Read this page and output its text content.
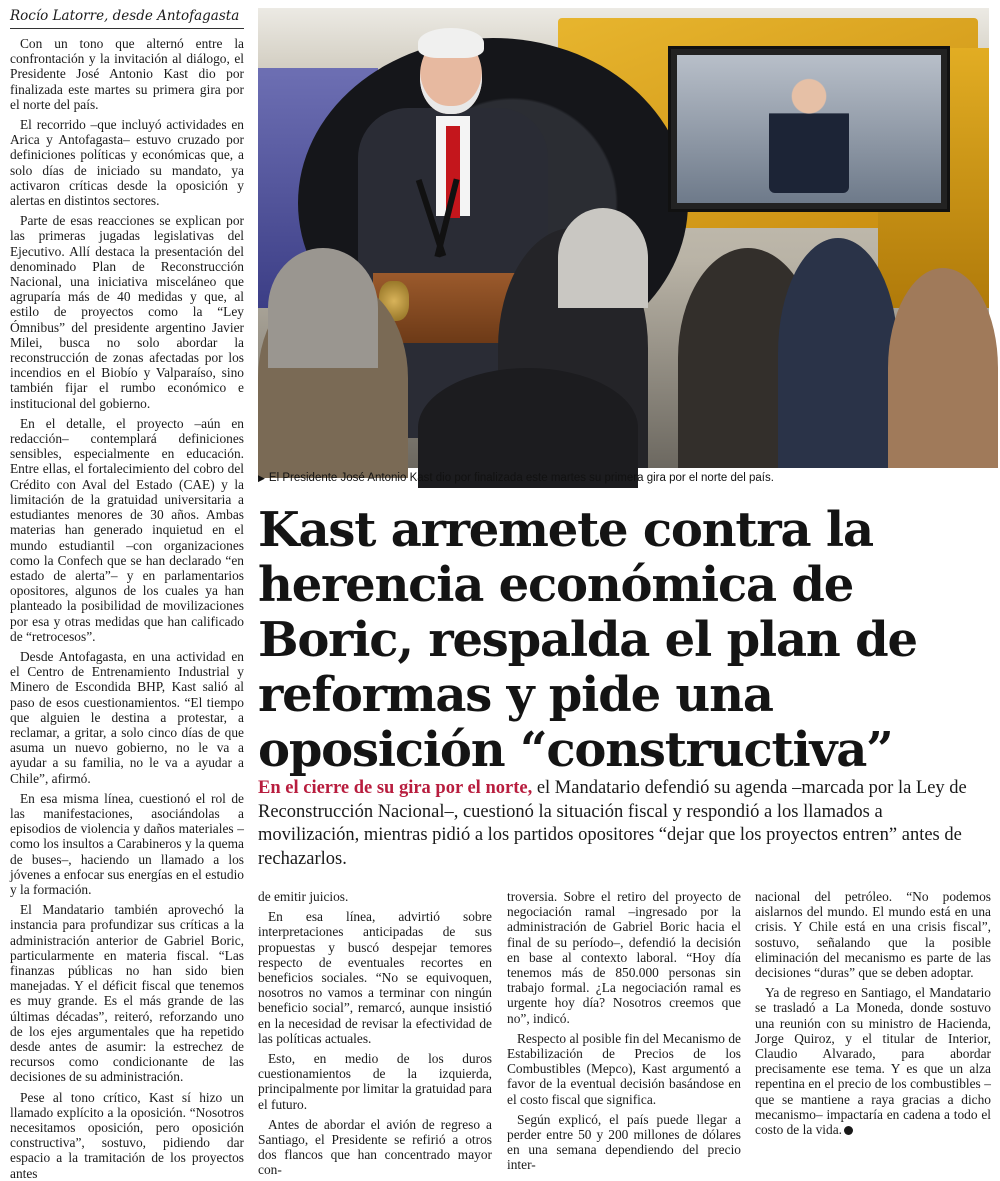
Rocío Latorre, desde Antofagasta

Con un tono que alternó entre la confrontación y la invitación al diálogo, el Presidente José Antonio Kast dio por finalizada este martes su primera gira por el norte del país.

El recorrido –que incluyó actividades en Arica y Antofagasta– estuvo cruzado por definiciones políticas y económicas que, a solo días de iniciado su mandato, ya activaron críticas desde la oposición y alertas en distintos sectores.

Parte de esas reacciones se explican por las primeras jugadas legislativas del Ejecutivo. Allí destaca la presentación del denominado Plan de Reconstrucción Nacional, una iniciativa misceláneo que agruparía más de 40 medidas y que, al estilo de proyectos como la “Ley Ómnibus” del presidente argentino Javier Milei, busca no solo abordar la reconstrucción de zonas afectadas por los incendios en el Biobío y Valparaíso, sino también fijar el rumbo económico e institucional del gobierno.

En el detalle, el proyecto –aún en redacción– contemplará definiciones sensibles, especialmente en educación. Entre ellas, el fortalecimiento del cobro del Crédito con Aval del Estado (CAE) y la limitación de la gratuidad universitaria a estudiantes menores de 30 años. Ambas materias han generado inquietud en el mundo estudiantil –con organizaciones como la Confech que se han declarado “en estado de alerta”– y en parlamentarios opositores, algunos de los cuales ya han planteado la posibilidad de movilizaciones por esa y otras medidas que han calificado de “retrocesos”.

Desde Antofagasta, en una actividad en el Centro de Entrenamiento Industrial y Minero de Escondida BHP, Kast salió al paso de esos cuestionamientos. “El tiempo que alguien le destina a protestar, a reclamar, a gritar, a solo cinco días de que asuma un nuevo gobierno, no le va a ayudar a su familia, no le va a ayudar a Chile”, afirmó.

En esa misma línea, cuestionó el rol de las manifestaciones, asociándolas a episodios de violencia y daños materiales –como los insultos a Carabineros y la quema de buses–, haciendo un llamado a los jóvenes a enfocar sus energías en el estudio y la formación.

El Mandatario también aprovechó la instancia para profundizar sus críticas a la administración anterior de Gabriel Boric, particularmente en materia fiscal. “Las finanzas públicas no han sido bien manejadas. Y el déficit fiscal que tenemos es muy grande. Es el más grande de las últimas décadas”, reiteró, reforzando uno de los ejes argumentales que ha repetido desde antes de asumir: la estrechez de recursos como condicionante de las decisiones de su administración.

Pese al tono crítico, Kast sí hizo un llamado explícito a la oposición. “Nosotros necesitamos oposición, pero oposición constructiva”, sostuvo, pidiendo dar espacio a la tramitación de los proyectos antes

▶ El Presidente José Antonio Kast dio por finalizada este martes su primera gira por el norte del país.
Kast arremete contra la herencia económica de Boric, respalda el plan de reformas y pide una oposición “constructiva”

En el cierre de su gira por el norte, el Mandatario defendió su agenda –marcada por la Ley de Reconstrucción Nacional–, cuestionó la situación fiscal y respondió a los llamados a movilización, mientras pidió a los partidos opositores “dejar que los proyectos entren” antes de rechazarlos.

de emitir juicios.

En esa línea, advirtió sobre interpretaciones anticipadas de sus propuestas y buscó despejar temores respecto de eventuales recortes en beneficios sociales. “No se equivoquen, nosotros no vamos a terminar con ningún beneficio social”, remarcó, aunque insistió en la necesidad de revisar la efectividad de las políticas actuales.

Esto, en medio de los duros cuestionamientos de la izquierda, principalmente por limitar la gratuidad para el futuro.

Antes de abordar el avión de regreso a Santiago, el Presidente se refirió a otros dos flancos que han concentrado mayor con-

troversia. Sobre el retiro del proyecto de negociación ramal –ingresado por la administración de Gabriel Boric hacia el final de su período–, defendió la decisión en base al contexto laboral. “Hoy día tenemos más de 850.000 personas sin trabajo formal. ¿La negociación ramal es urgente hoy día? Nosotros creemos que no”, indicó.

Respecto al posible fin del Mecanismo de Estabilización de Precios de los Combustibles (Mepco), Kast argumentó a favor de la eventual decisión basándose en el costo fiscal que significa.

Según explicó, el país puede llegar a perder entre 50 y 200 millones de dólares en una semana dependiendo del precio inter-

nacional del petróleo. “No podemos aislarnos del mundo. El mundo está en una crisis. Y Chile está en una crisis fiscal”, sostuvo, señalando que la posible eliminación del mecanismo es parte de las decisiones “duras” que se deben adoptar.

Ya de regreso en Santiago, el Mandatario se trasladó a La Moneda, donde sostuvo una reunión con su ministro de Hacienda, Jorge Quiroz, y el titular de Interior, Claudio Alvarado, para abordar precisamente ese tema. Y es que un alza repentina en el precio de los combustibles –que se mantiene a raya gracias a dicho mecanismo– impactaría en cadena a todo el costo de la vida.
